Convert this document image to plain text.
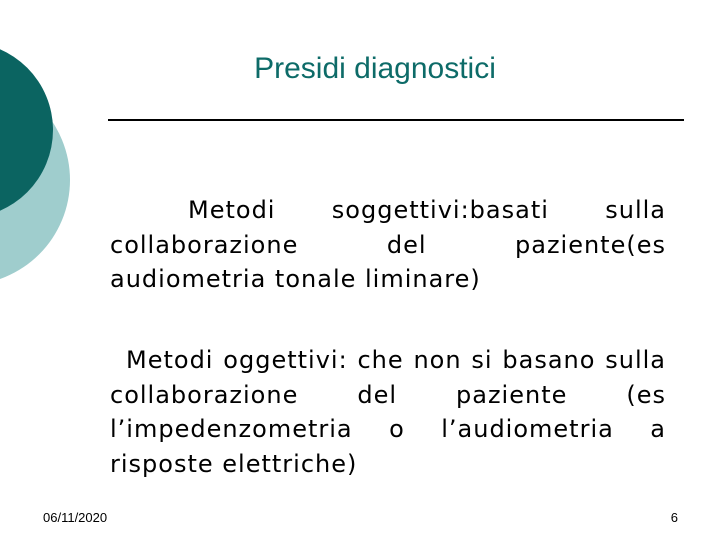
Presidi diagnostici
Metodi soggettivi:basati sulla collaborazione del paziente(es audiometria tonale liminare)
Metodi oggettivi: che non si basano sulla collaborazione del paziente (es l’impedenzometria o l’audiometria a risposte elettriche)
06/11/2020	6
